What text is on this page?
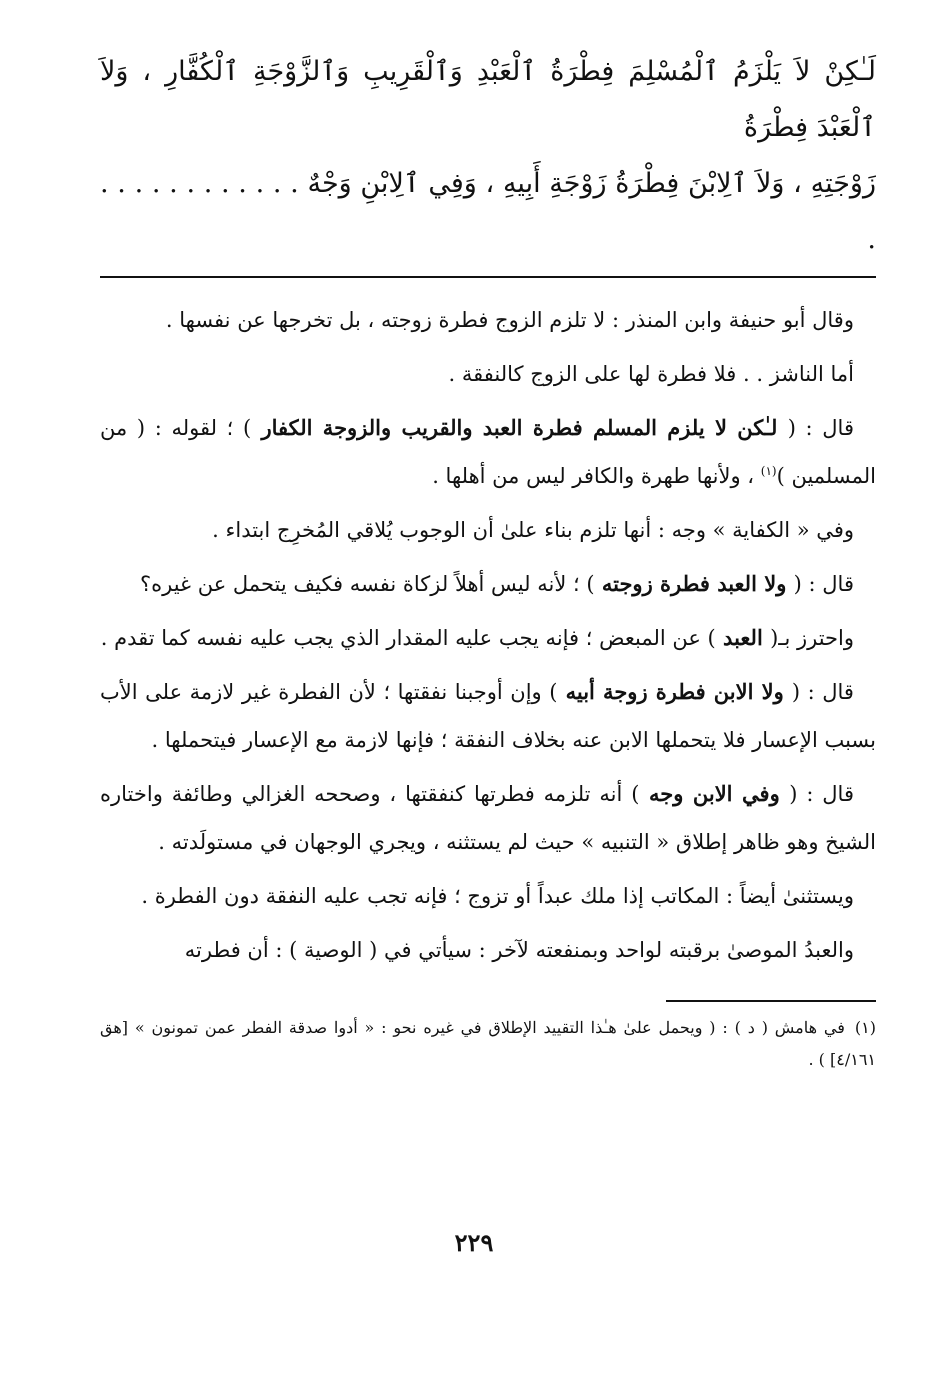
لَـٰكِنْ لاَ يَلْزَمُ ٱلْمُسْلِمَ فِطْرَةُ ٱلْعَبْدِ وَٱلْقَرِيبِ وَٱلزَّوْجَةِ ٱلْكُفَّارِ ، وَلاَ ٱلْعَبْدَ فِطْرَةُ
زَوْجَتِهِ ، وَلاَ ٱلِابْنَ فِطْرَةُ زَوْجَةِ أَبِيهِ ، وَفِي ٱلِابْنِ وَجْهٌ . . . . . . . . . . . . .

وقال أبو حنيفة وابن المنذر : لا تلزم الزوج فطرة زوجته ، بل تخرجها عن نفسها .

أما الناشز . . فلا فطرة لها على الزوج كالنفقة .

قال : ( لـٰكن لا يلزم المسلم فطرة العبد والقريب والزوجة الكفار ) ؛ لقوله : ( من المسلمين )$^{(١)}$ ، ولأنها طهرة والكافر ليس من أهلها .

وفي « الكفاية » وجه : أنها تلزم بناء علىٰ أن الوجوب يُلاقي المُخرِج ابتداء .

قال : ( ولا العبد فطرة زوجته ) ؛ لأنه ليس أهلاً لزكاة نفسه فكيف يتحمل عن غيره؟

واحترز بـ( العبد ) عن المبعض ؛ فإنه يجب عليه المقدار الذي يجب عليه نفسه كما تقدم .

قال : ( ولا الابن فطرة زوجة أبيه ) وإن أوجبنا نفقتها ؛ لأن الفطرة غير لازمة على الأب بسبب الإعسار فلا يتحملها الابن عنه بخلاف النفقة ؛ فإنها لازمة مع الإعسار فيتحملها .

قال : ( وفي الابن وجه ) أنه تلزمه فطرتها كنفقتها ، وصححه الغزالي وطائفة واختاره الشيخ وهو ظاهر إطلاق « التنبيه » حيث لم يستثنه ، ويجري الوجهان في مستولَدته .

ويستثنىٰ أيضاً : المكاتب إذا ملك عبداً أو تزوج ؛ فإنه تجب عليه النفقة دون الفطرة .

والعبدُ الموصىٰ برقبته لواحد وبمنفعته لآخر : سيأتي في ( الوصية ) : أن فطرته

(١)في هامش ( د ) : ( ويحمل علىٰ هـٰذا التقييد الإطلاق في غيره نحو : « أدوا صدقة الفطر عمن تمونون » [هق ٤/١٦١] ) .

٢٢٩
